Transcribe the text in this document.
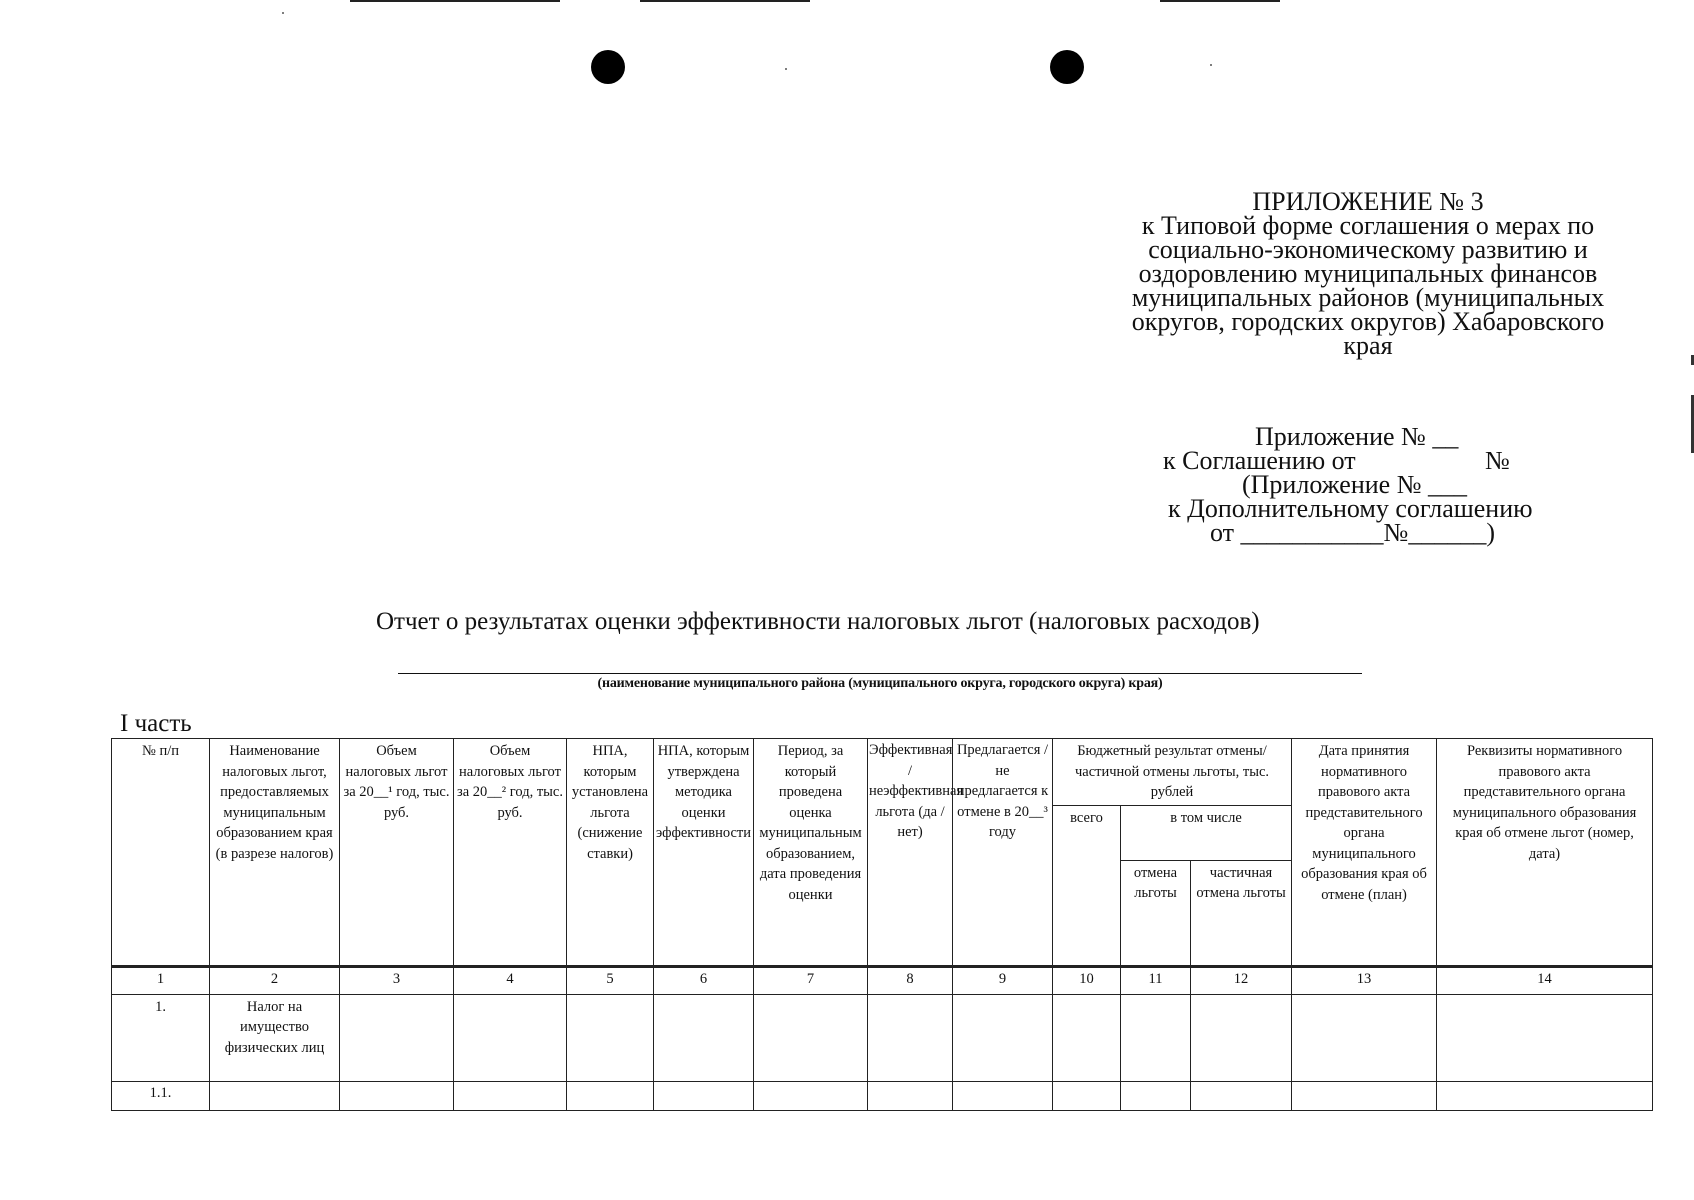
ПРИЛОЖЕНИЕ № 3
к Типовой форме соглашения о мерах по
социально-экономическому развитию и
оздоровлению муниципальных финансов
муниципальных районов (муниципальных
округов, городских округов) Хабаровского
края
Приложение № __

к Соглашению от

	№

(Приложение № ___
к Дополнительному соглашению
от ___________№______)
Отчет о результатах оценки эффективности налоговых льгот (налоговых расходов)
(наименование муниципального района (муниципального округа, городского округа) края)
I часть
№ п/п	Наименование налоговых льгот, предоставляемых муниципальным образованием края (в разрезе налогов)	Объем налоговых льгот за 20__¹ год, тыс. руб.	Объем налоговых льгот за 20__² год, тыс. руб.	НПА, которым установлена льгота (снижение ставки)	НПА, которым утверждена методика оценки эффективности	Период, за который проведена оценка муниципальным образованием, дата проведения оценки	Эффективная / неэффективная льгота (да /нет)	Предлагается / не предлагается к отмене в 20__³ году	Бюджетный результат отмены/частичной отмены льготы, тыс. рублей			Дата принятия нормативного правового акта представительного органа муниципального образования края об отмене (план)	Реквизиты нормативного правового акта представительного органа муниципального образования края об отмене льгот (номер, дата)
									всего	в том числе			
										отмена льготы	частичная отмена льготы		
1	2	3	4	5	6	7	8	9	10	11	12	13	14
1.	Налог на имущество физических лиц												
1.1.													
